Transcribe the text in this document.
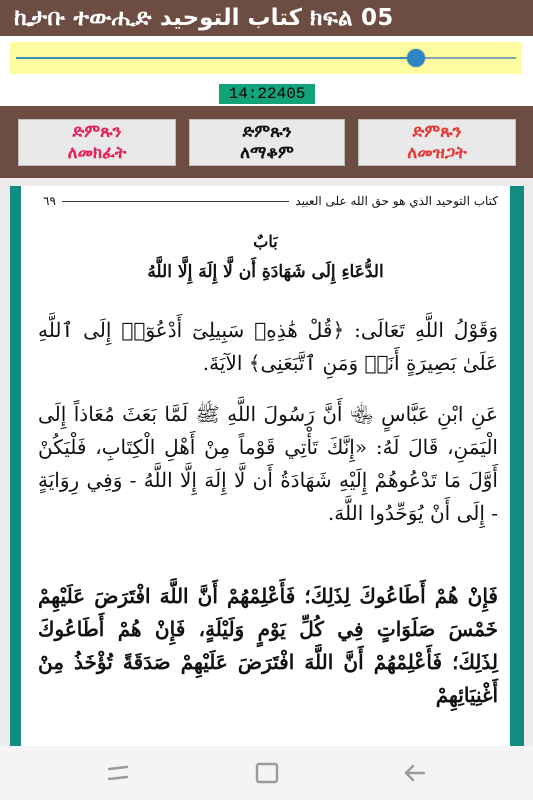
ኪታቡ ተውሒድ كتاب التوحيد ክፍል 05
14:22405
ድምጹን
ለመክፈት
ድምጹን
ለማቆም
ድምጹን
ለመዝጋት
كتاب التوحيد الذي هو حق الله على العبيد
٦٩
بَابٌ
الدُّعَاءِ إِلَى شَهَادَةِ أَن لَّا إِلَهَ إِلَّا اللَّهُ
وَقَوْلُ اللَّهِ تَعَالَى: ﴿قُلْ هَٰذِهِۦ سَبِيلِىٓ أَدْعُوٓا۟ إِلَى ٱللَّهِ عَلَىٰ بَصِيرَةٍ أَنَا۠ وَمَنِ ٱتَّبَعَنِى﴾ الآيَةَ.
عَنِ ابْنِ عَبَّاسٍ ﵄ أَنَّ رَسُولَ اللَّهِ ﷺ لَمَّا بَعَثَ مُعَاذاً إِلَى الْيَمَنِ، قَالَ لَهُ: «إِنَّكَ تَأْتِي قَوْماً مِنْ أَهْلِ الْكِتَابِ، فَلْيَكُنْ أَوَّلَ مَا تَدْعُوهُمْ إِلَيْهِ شَهَادَةُ أَن لَّا إِلَهَ إِلَّا اللَّهُ - وَفِي رِوَايَةٍ - إِلَى أَنْ يُوَحِّدُوا اللَّهَ.
فَإِنْ هُمْ أَطَاعُوكَ لِذَلِكَ؛ فَأَعْلِمْهُمْ أَنَّ اللَّهَ افْتَرَضَ عَلَيْهِمْ خَمْسَ صَلَوَاتٍ فِي كُلِّ يَوْمٍ وَلَيْلَةٍ، فَإِنْ هُمْ أَطَاعُوكَ لِذَلِكَ؛ فَأَعْلِمْهُمْ أَنَّ اللَّهَ افْتَرَضَ عَلَيْهِمْ صَدَقَةً تُؤْخَذُ مِنْ أَغْنِيَائِهِمْ
